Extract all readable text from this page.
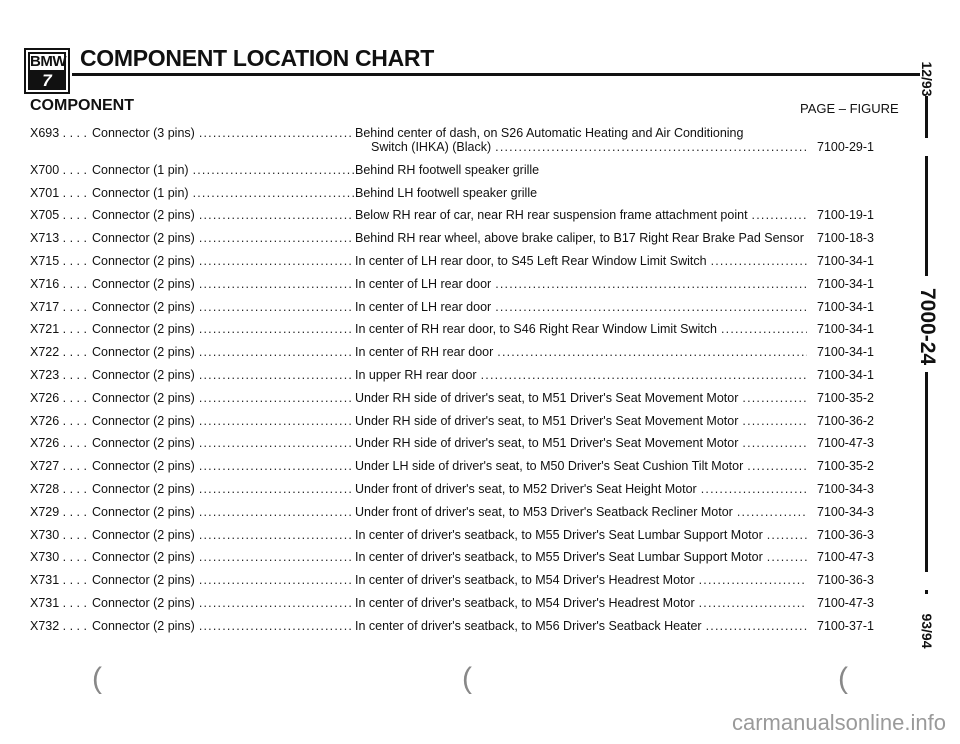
BMW
7
COMPONENT LOCATION CHART
COMPONENT	PAGE – FIGURE
X693 . . . . Connector (3 pins) .....	Behind center of dash, on S26 Automatic Heating and Air Conditioning
Switch (IHKA) (Black) .....	7100-29-1
X700 . . . . Connector (1 pin) .....	Behind RH footwell speaker grille
X701 . . . . Connector (1 pin) .....	Behind LH footwell speaker grille
X705 . . . . Connector (2 pins) .....	Below RH rear of car, near RH rear suspension frame attachment point .....	7100-19-1
X713 . . . . Connector (2 pins) .....	Behind RH rear wheel, above brake caliper, to B17 Right Rear Brake Pad Sensor ..... 7100-18-3
X715 . . . . Connector (2 pins) .....	In center of LH rear door, to S45 Left Rear Window Limit Switch .....	7100-34-1
X716 . . . . Connector (2 pins) .....	In center of LH rear door .....	7100-34-1
X717 . . . . Connector (2 pins) .....	In center of LH rear door .....	7100-34-1
X721 . . . . Connector (2 pins) .....	In center of RH rear door, to S46 Right Rear Window Limit Switch .....	7100-34-1
X722 . . . . Connector (2 pins) .....	In center of RH rear door .....	7100-34-1
X723 . . . . Connector (2 pins) .....	In upper RH rear door .....	7100-34-1
X726 . . . . Connector (2 pins) .....	Under RH side of driver's seat, to M51 Driver's Seat Movement Motor .....	7100-35-2
X726 . . . . Connector (2 pins) .....	Under RH side of driver's seat, to M51 Driver's Seat Movement Motor .....	7100-36-2
X726 . . . . Connector (2 pins) .....	Under RH side of driver's seat, to M51 Driver's Seat Movement Motor .....	7100-47-3
X727 . . . . Connector (2 pins) .....	Under LH side of driver's seat, to M50 Driver's Seat Cushion Tilt Motor .....	7100-35-2
X728 . . . . Connector (2 pins) .....	Under front of driver's seat, to M52 Driver's Seat Height Motor .....	7100-34-3
X729 . . . . Connector (2 pins) .....	Under front of driver's seat, to M53 Driver's Seatback Recliner Motor .....	7100-34-3
X730 . . . . Connector (2 pins) .....	In center of driver's seatback, to M55 Driver's Seat Lumbar Support Motor .....	7100-36-3
X730 . . . . Connector (2 pins) .....	In center of driver's seatback, to M55 Driver's Seat Lumbar Support Motor .....	7100-47-3
X731 . . . . Connector (2 pins) .....	In center of driver's seatback, to M54 Driver's Headrest Motor .....	7100-36-3
X731 . . . . Connector (2 pins) .....	In center of driver's seatback, to M54 Driver's Headrest Motor .....	7100-47-3
X732 . . . . Connector (2 pins) .....	In center of driver's seatback, to M56 Driver's Seatback Heater .....	7100-37-1
12/93
7000-24
93/94
(	(	(
carmanualsonline.info
